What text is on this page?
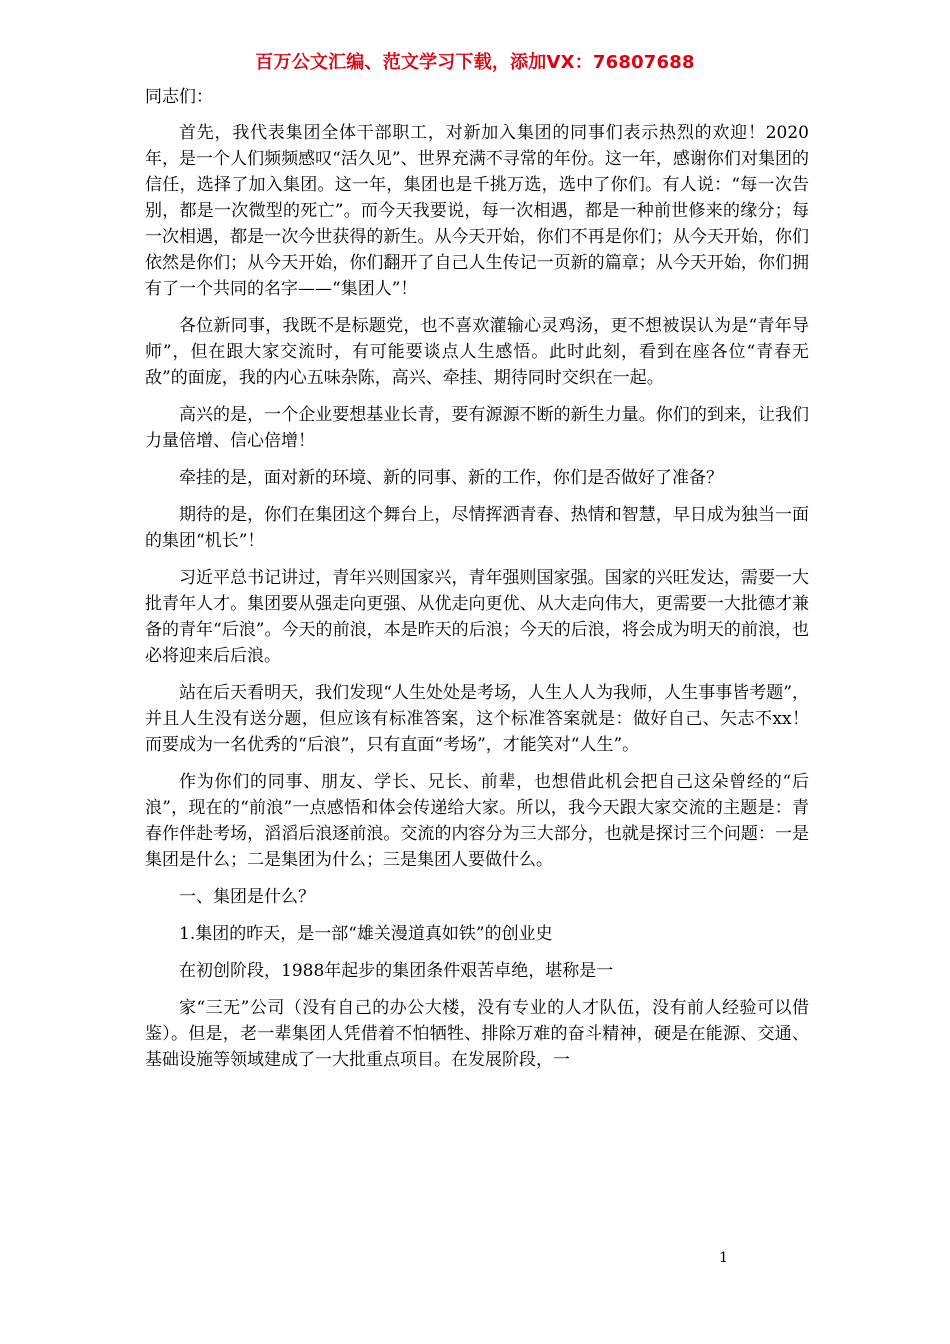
百万公文汇编、范文学习下载，添加VX：76807688

同志们：

首先，我代表集团全体干部职工，对新加入集团的同事们表示热烈的欢迎！2020年，是一个人们频频感叹“活久见”、世界充满不寻常的年份。这一年，感谢你们对集团的信任，选择了加入集团。这一年，集团也是千挑万选，选中了你们。有人说：“每一次告别，都是一次微型的死亡”。而今天我要说，每一次相遇，都是一种前世修来的缘分；每一次相遇，都是一次今世获得的新生。从今天开始，你们不再是你们；从今天开始，你们依然是你们；从今天开始，你们翻开了自己人生传记一页新的篇章；从今天开始，你们拥有了一个共同的名字——“集团人”！

各位新同事，我既不是标题党，也不喜欢灌输心灵鸡汤，更不想被误认为是“青年导师”，但在跟大家交流时，有可能要谈点人生感悟。此时此刻，看到在座各位“青春无敌”的面庞，我的内心五味杂陈，高兴、牵挂、期待同时交织在一起。

高兴的是，一个企业要想基业长青，要有源源不断的新生力量。你们的到来，让我们力量倍增、信心倍增！

牵挂的是，面对新的环境、新的同事、新的工作，你们是否做好了准备？

期待的是，你们在集团这个舞台上，尽情挥洒青春、热情和智慧，早日成为独当一面的集团“机长”！

习近平总书记讲过，青年兴则国家兴，青年强则国家强。国家的兴旺发达，需要一大批青年人才。集团要从强走向更强、从优走向更优、从大走向伟大，更需要一大批德才兼备的青年“后浪”。今天的前浪，本是昨天的后浪；今天的后浪，将会成为明天的前浪，也必将迎来后后浪。

站在后天看明天，我们发现“人生处处是考场，人生人人为我师，人生事事皆考题”，并且人生没有送分题，但应该有标准答案，这个标准答案就是：做好自己、矢志不xx！而要成为一名优秀的“后浪”，只有直面“考场”，才能笑对“人生”。

作为你们的同事、朋友、学长、兄长、前辈，也想借此机会把自己这朵曾经的“后浪”，现在的“前浪”一点感悟和体会传递给大家。所以，我今天跟大家交流的主题是：青春作伴赴考场，滔滔后浪逐前浪。交流的内容分为三大部分，也就是探讨三个问题：一是集团是什么；二是集团为什么；三是集团人要做什么。

一、集团是什么？

1.集团的昨天，是一部“雄关漫道真如铁”的创业史

在初创阶段，1988年起步的集团条件艰苦卓绝，堪称是一

家“三无”公司（没有自己的办公大楼，没有专业的人才队伍，没有前人经验可以借鉴）。但是，老一辈集团人凭借着不怕牺牲、排除万难的奋斗精神，硬是在能源、交通、基础设施等领域建成了一大批重点项目。在发展阶段，一

1
